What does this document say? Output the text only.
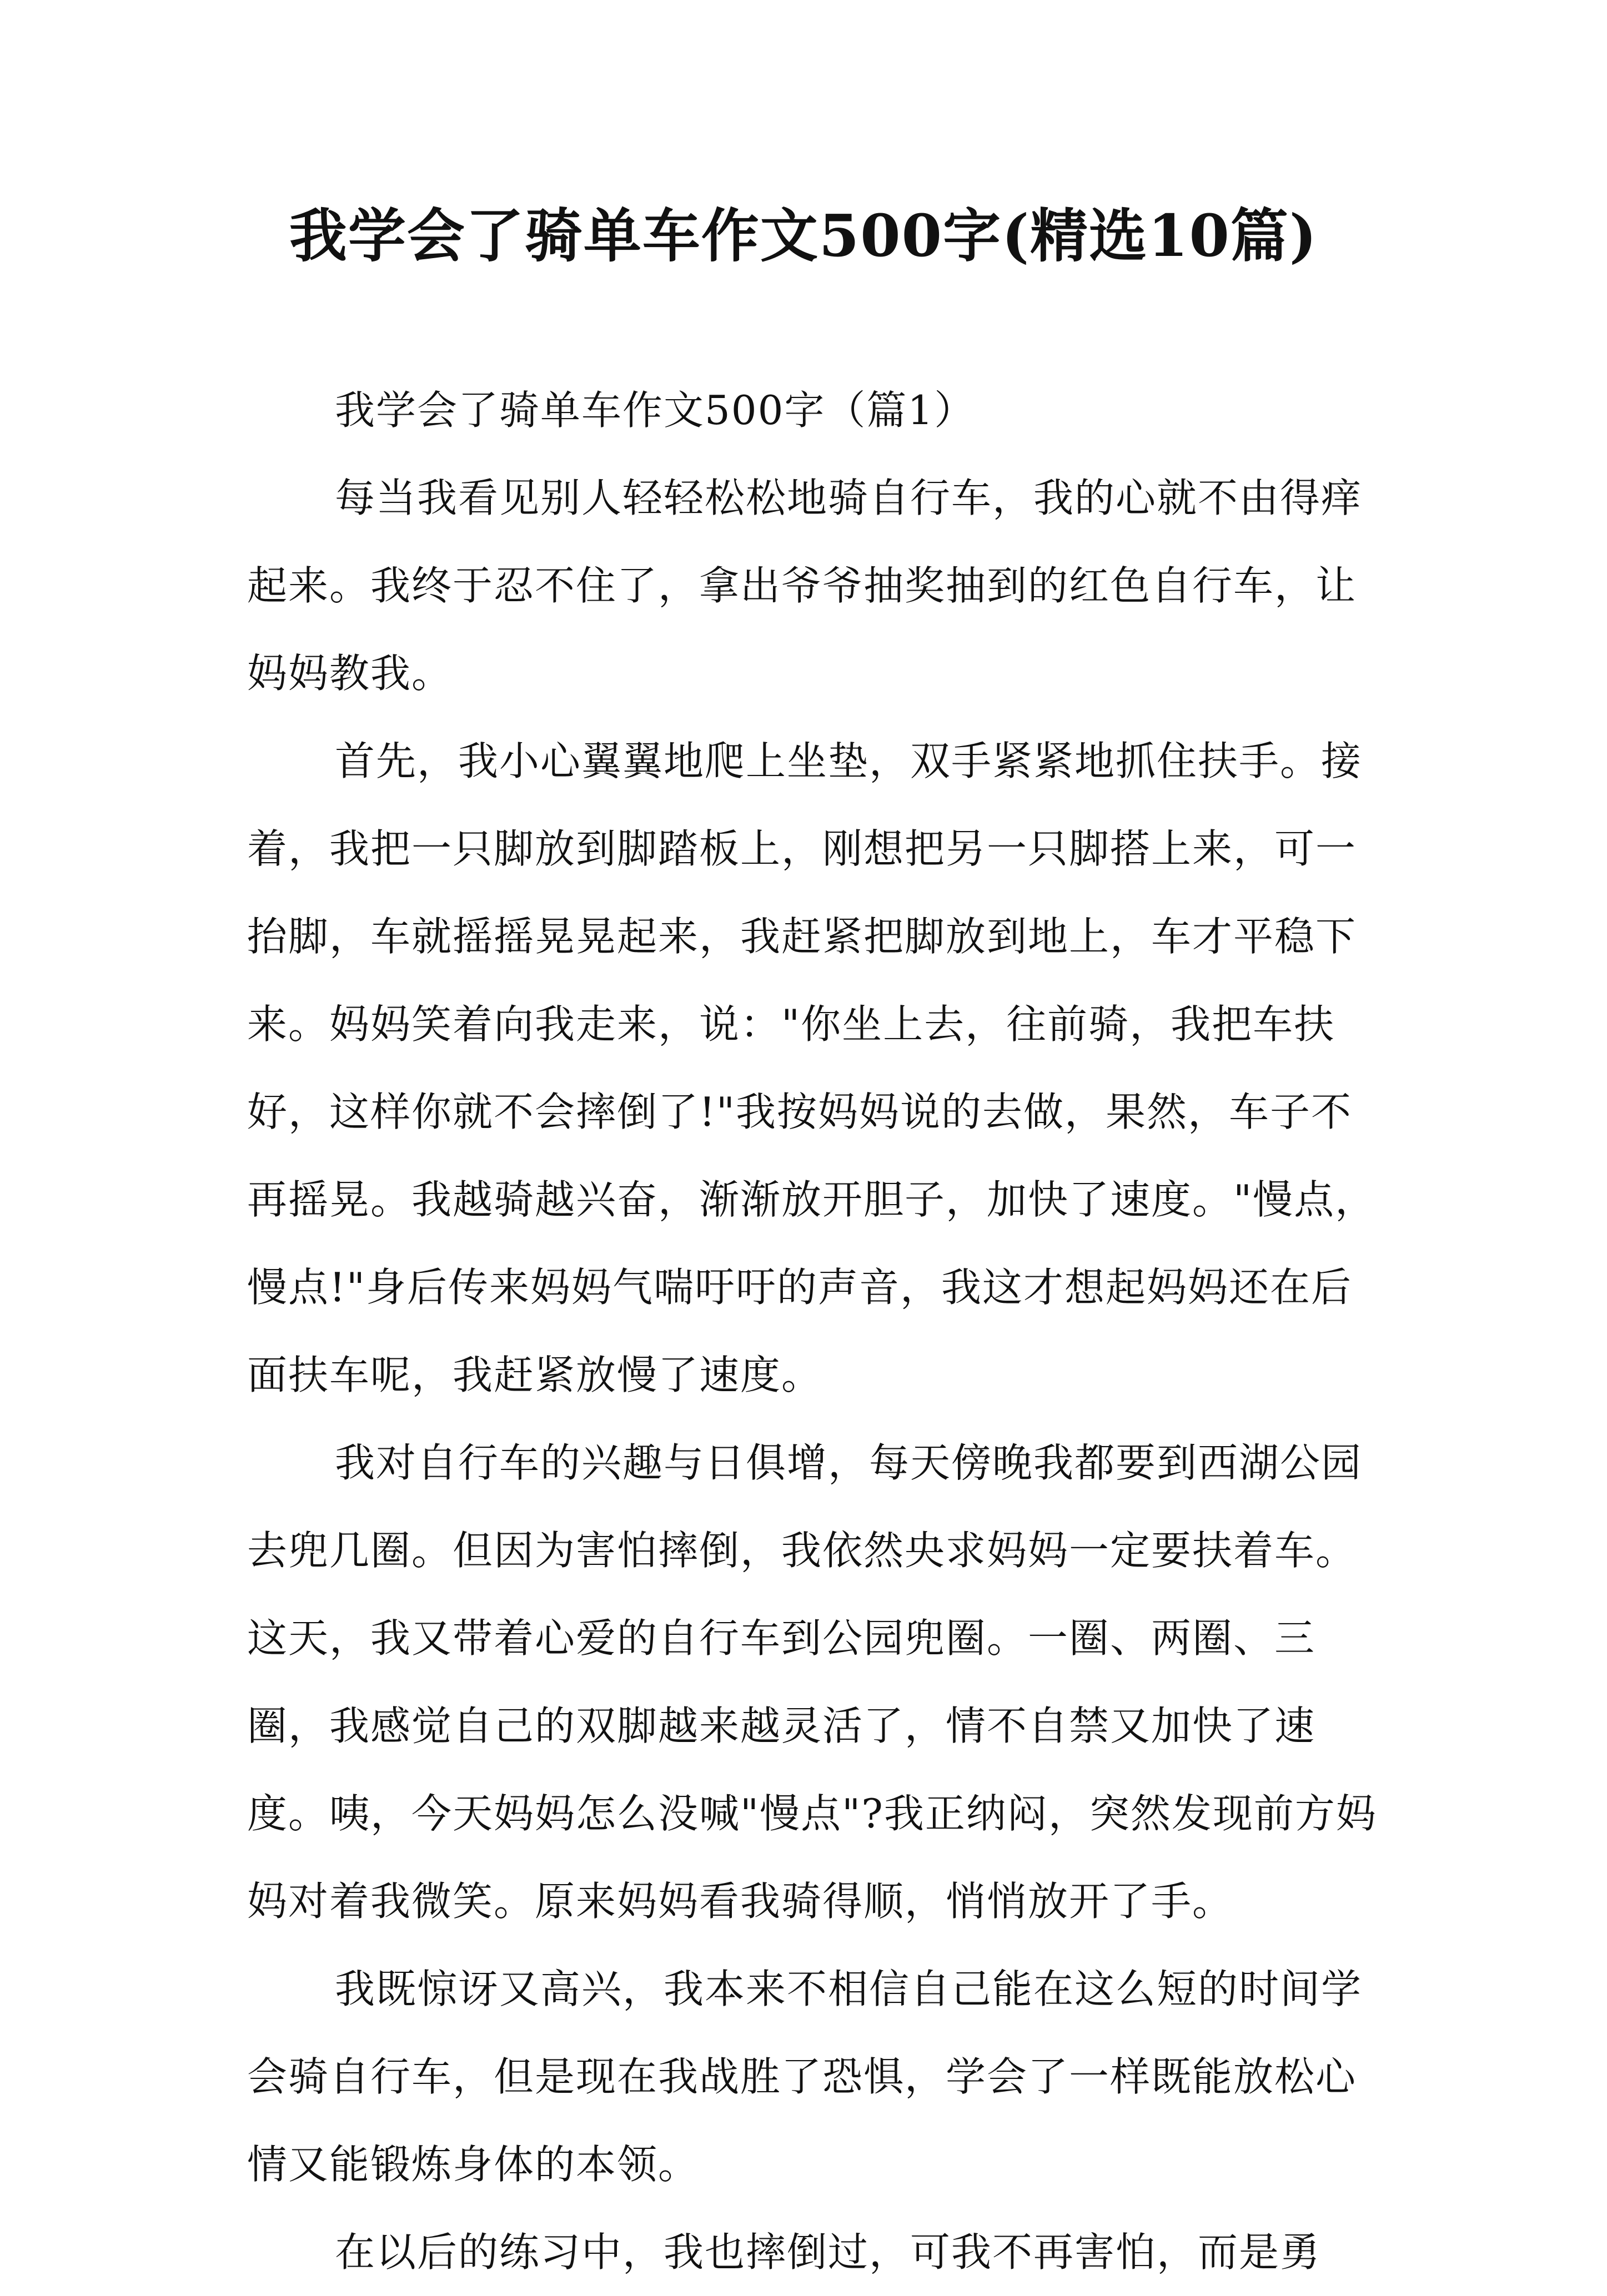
我学会了骑单车作文500字(精选10篇)

我学会了骑单车作文500字（篇1）

每当我看见别人轻轻松松地骑自行车，我的心就不由得痒起来。我终于忍不住了，拿出爷爷抽奖抽到的红色自行车，让妈妈教我。

首先，我小心翼翼地爬上坐垫，双手紧紧地抓住扶手。接着，我把一只脚放到脚踏板上，刚想把另一只脚搭上来，可一抬脚，车就摇摇晃晃起来，我赶紧把脚放到地上，车才平稳下来。妈妈笑着向我走来，说："你坐上去，往前骑，我把车扶好，这样你就不会摔倒了!"我按妈妈说的去做，果然，车子不再摇晃。我越骑越兴奋，渐渐放开胆子，加快了速度。"慢点，慢点!"身后传来妈妈气喘吁吁的声音，我这才想起妈妈还在后面扶车呢，我赶紧放慢了速度。

我对自行车的兴趣与日俱增，每天傍晚我都要到西湖公园去兜几圈。但因为害怕摔倒，我依然央求妈妈一定要扶着车。这天，我又带着心爱的自行车到公园兜圈。一圈、两圈、三圈，我感觉自己的双脚越来越灵活了，情不自禁又加快了速度。咦，今天妈妈怎么没喊"慢点"?我正纳闷，突然发现前方妈妈对着我微笑。原来妈妈看我骑得顺，悄悄放开了手。

我既惊讶又高兴，我本来不相信自己能在这么短的时间学会骑自行车，但是现在我战胜了恐惧，学会了一样既能放松心情又能锻炼身体的本领。

在以后的练习中，我也摔倒过，可我不再害怕，而是勇
